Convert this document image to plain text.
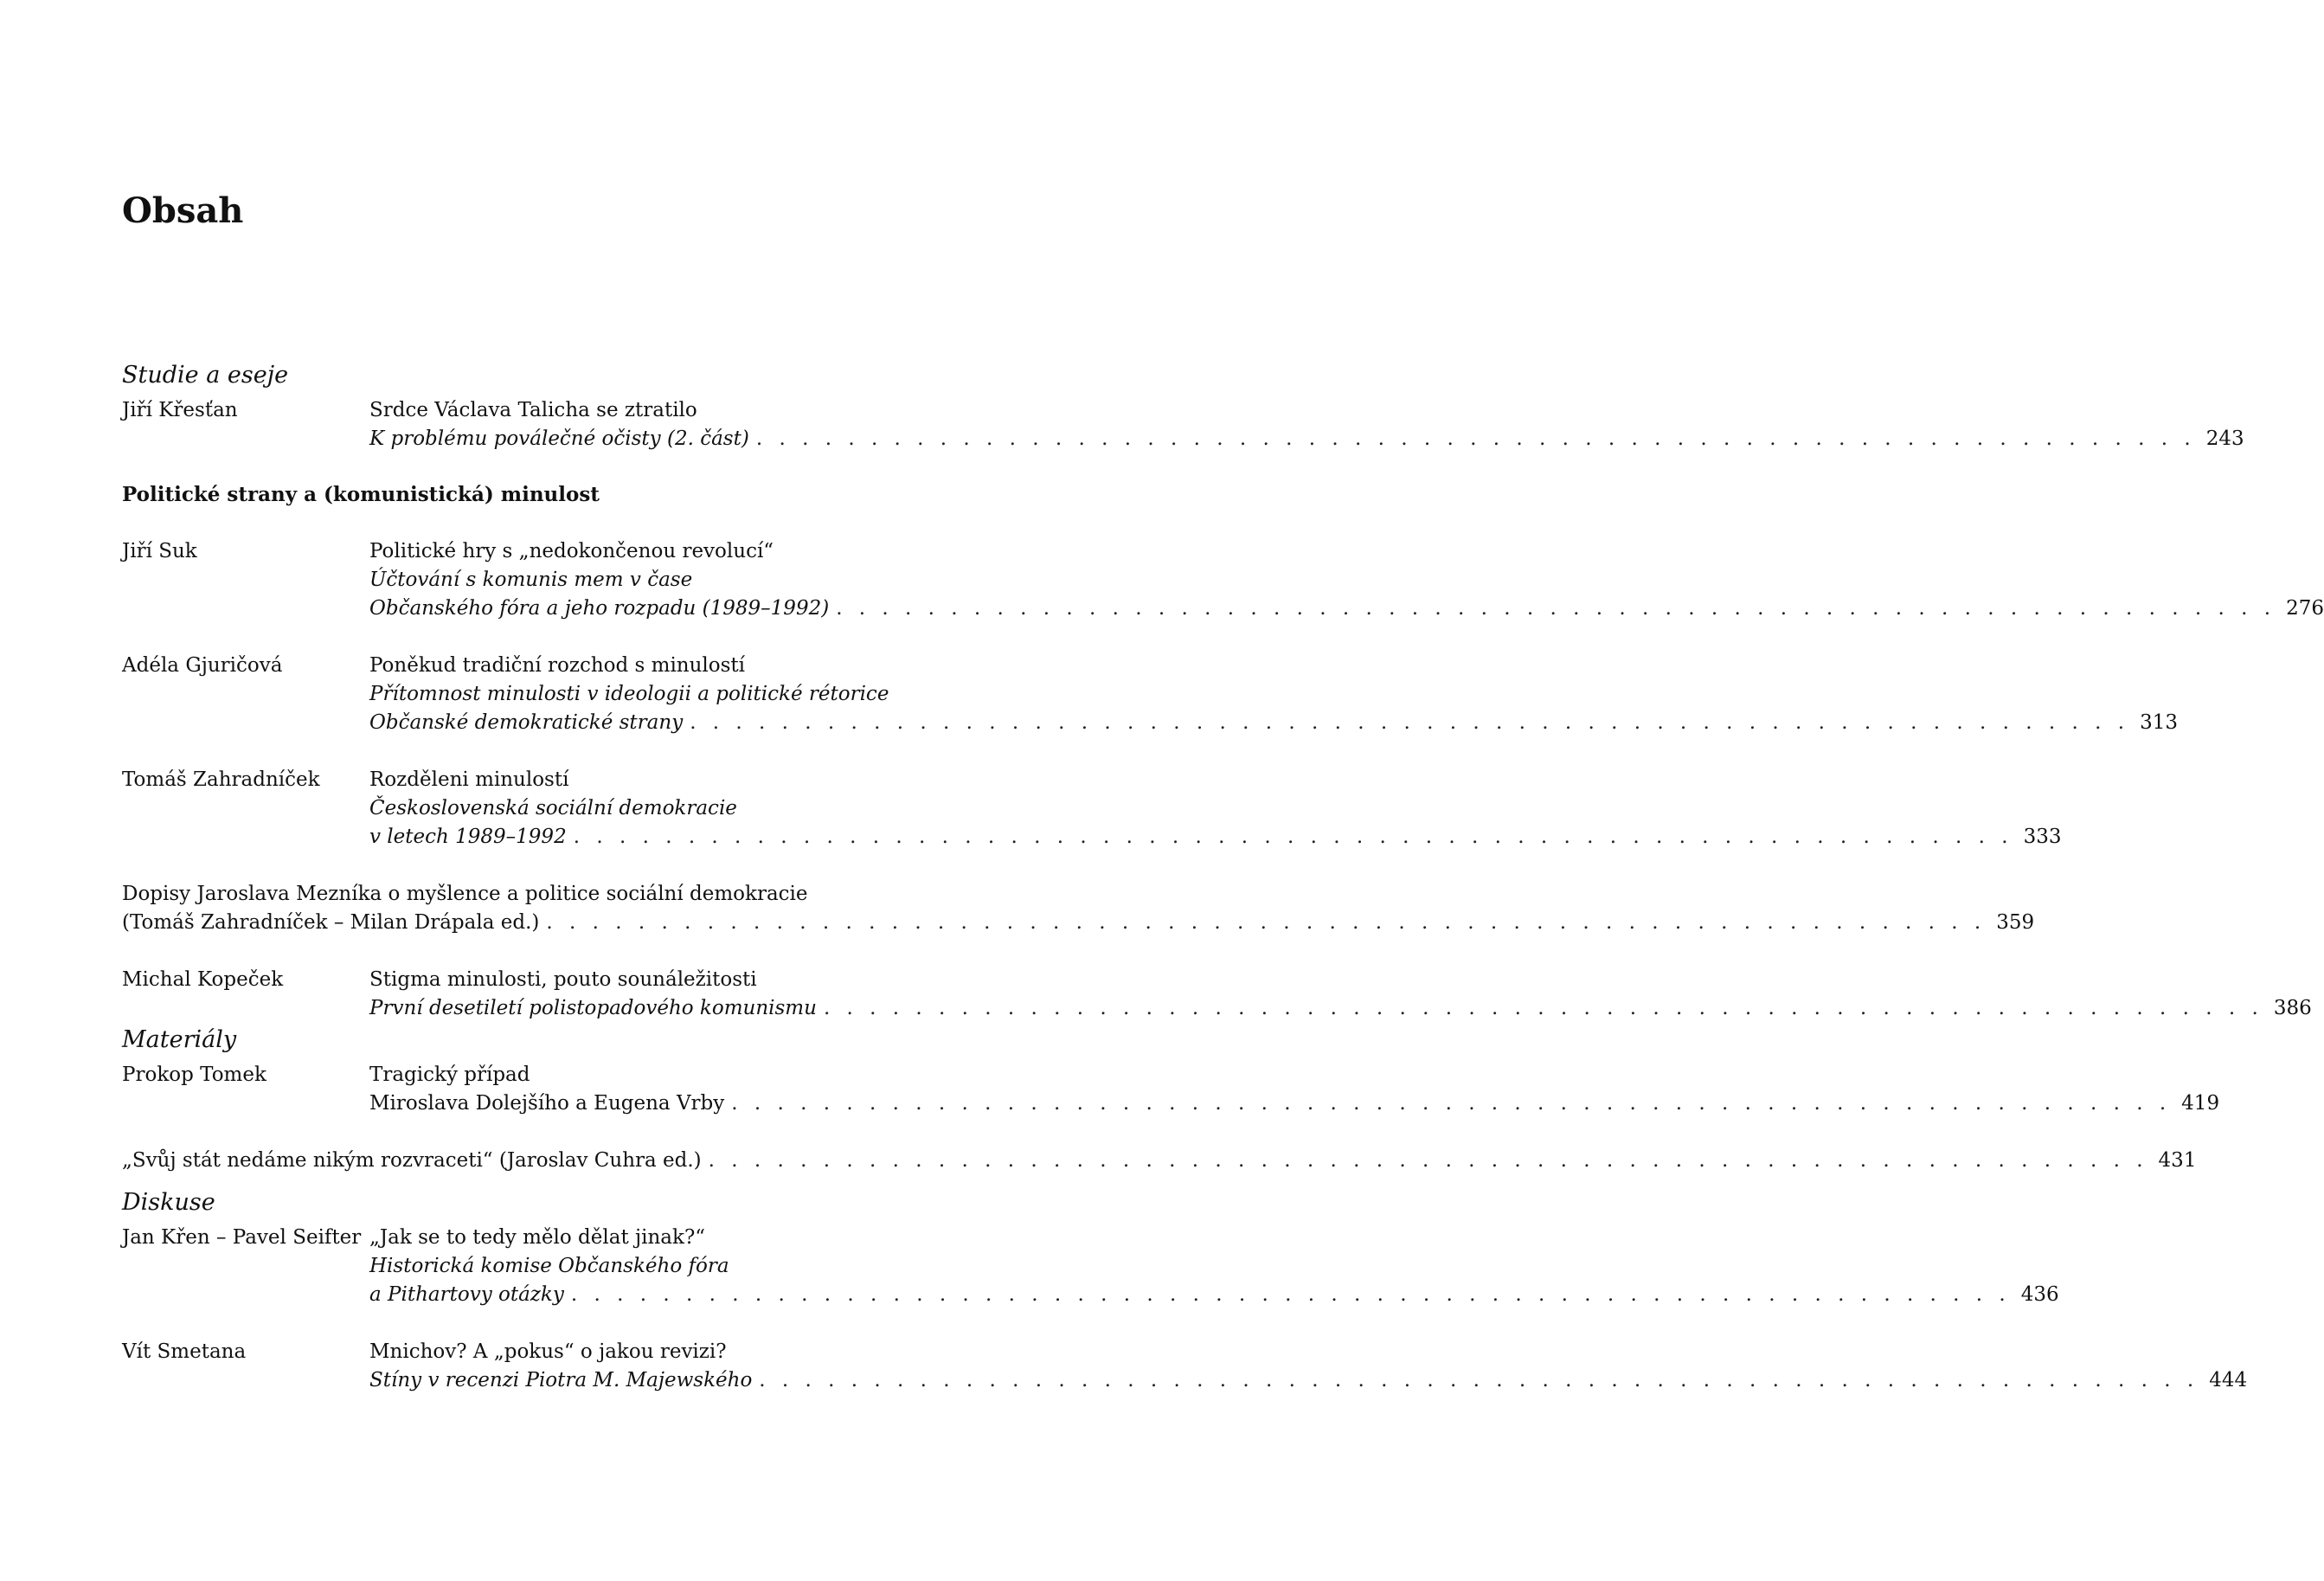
Obsah
Studie a eseje
Jiří Křesťan	Srdce Václava Talicha se ztratilo
K problému poválečné očisty (2. část) . . . . . . . . . . . . . . . . . . . . . . . . . . . . . . . . . . . . . . . . . . . . . . . . . . . . . . . . . . . . . . . 243
Politické strany a (komunistická) minulost
Jiří Suk	Politické hry s „nedokončenou revolucí“
Účtování s komunis mem v čase
Občanského fóra a jeho rozpadu (1989–1992) . . . . . . . . . . . . . . . . . . . . . . . . . . . . . . . . . . . . . . . . . . . . . . . . . . . . . . . . . . . . . . . 276
Adéla Gjuričová	Poněkud tradiční rozchod s minulostí
Přítomnost minulosti v ideologii a politické rétorice
Občanské demokratické strany . . . . . . . . . . . . . . . . . . . . . . . . . . . . . . . . . . . . . . . . . . . . . . . . . . . . . . . . . . . . . . . 313
Tomáš Zahradníček	Rozděleni minulostí
Československá sociální demokracie
v letech 1989–1992 . . . . . . . . . . . . . . . . . . . . . . . . . . . . . . . . . . . . . . . . . . . . . . . . . . . . . . . . . . . . . . . 333
Dopisy Jaroslava Mezníka o myšlence a politice sociální demokracie
(Tomáš Zahradníček – Milan Drápala ed.) . . . . . . . . . . . . . . . . . . . . . . . . . . . . . . . . . . . . . . . . . . . . . . . . . . . . . . . . . . . . . . . 359
Michal Kopeček	Stigma minulosti, pouto sounáležitosti
První desetiletí polistopadového komunismu . . . . . . . . . . . . . . . . . . . . . . . . . . . . . . . . . . . . . . . . . . . . . . . . . . . . . . . . . . . . . . . 386
Materiály
Prokop Tomek	Tragický případ
Miroslava Dolejšího a Eugena Vrby . . . . . . . . . . . . . . . . . . . . . . . . . . . . . . . . . . . . . . . . . . . . . . . . . . . . . . . . . . . . . . . 419
„Svůj stát nedáme nikým rozvraceti“ (Jaroslav Cuhra ed.) . . . . . . . . . . . . . . . . . . . . . . . . . . . . . . . . . . . . . . . . . . . . . . . . . . . . . . . . . . . . . . . 431
Diskuse
Jan Křen – Pavel Seifter „Jak se to tedy mělo dělat jinak?“
Historická komise Občanského fóra
a Pithartovy otázky . . . . . . . . . . . . . . . . . . . . . . . . . . . . . . . . . . . . . . . . . . . . . . . . . . . . . . . . . . . . . . . 436
Vít Smetana	Mnichov? A „pokus“ o jakou revizi?
Stíny v recenzi Piotra M. Majewského . . . . . . . . . . . . . . . . . . . . . . . . . . . . . . . . . . . . . . . . . . . . . . . . . . . . . . . . . . . . . . . 444
